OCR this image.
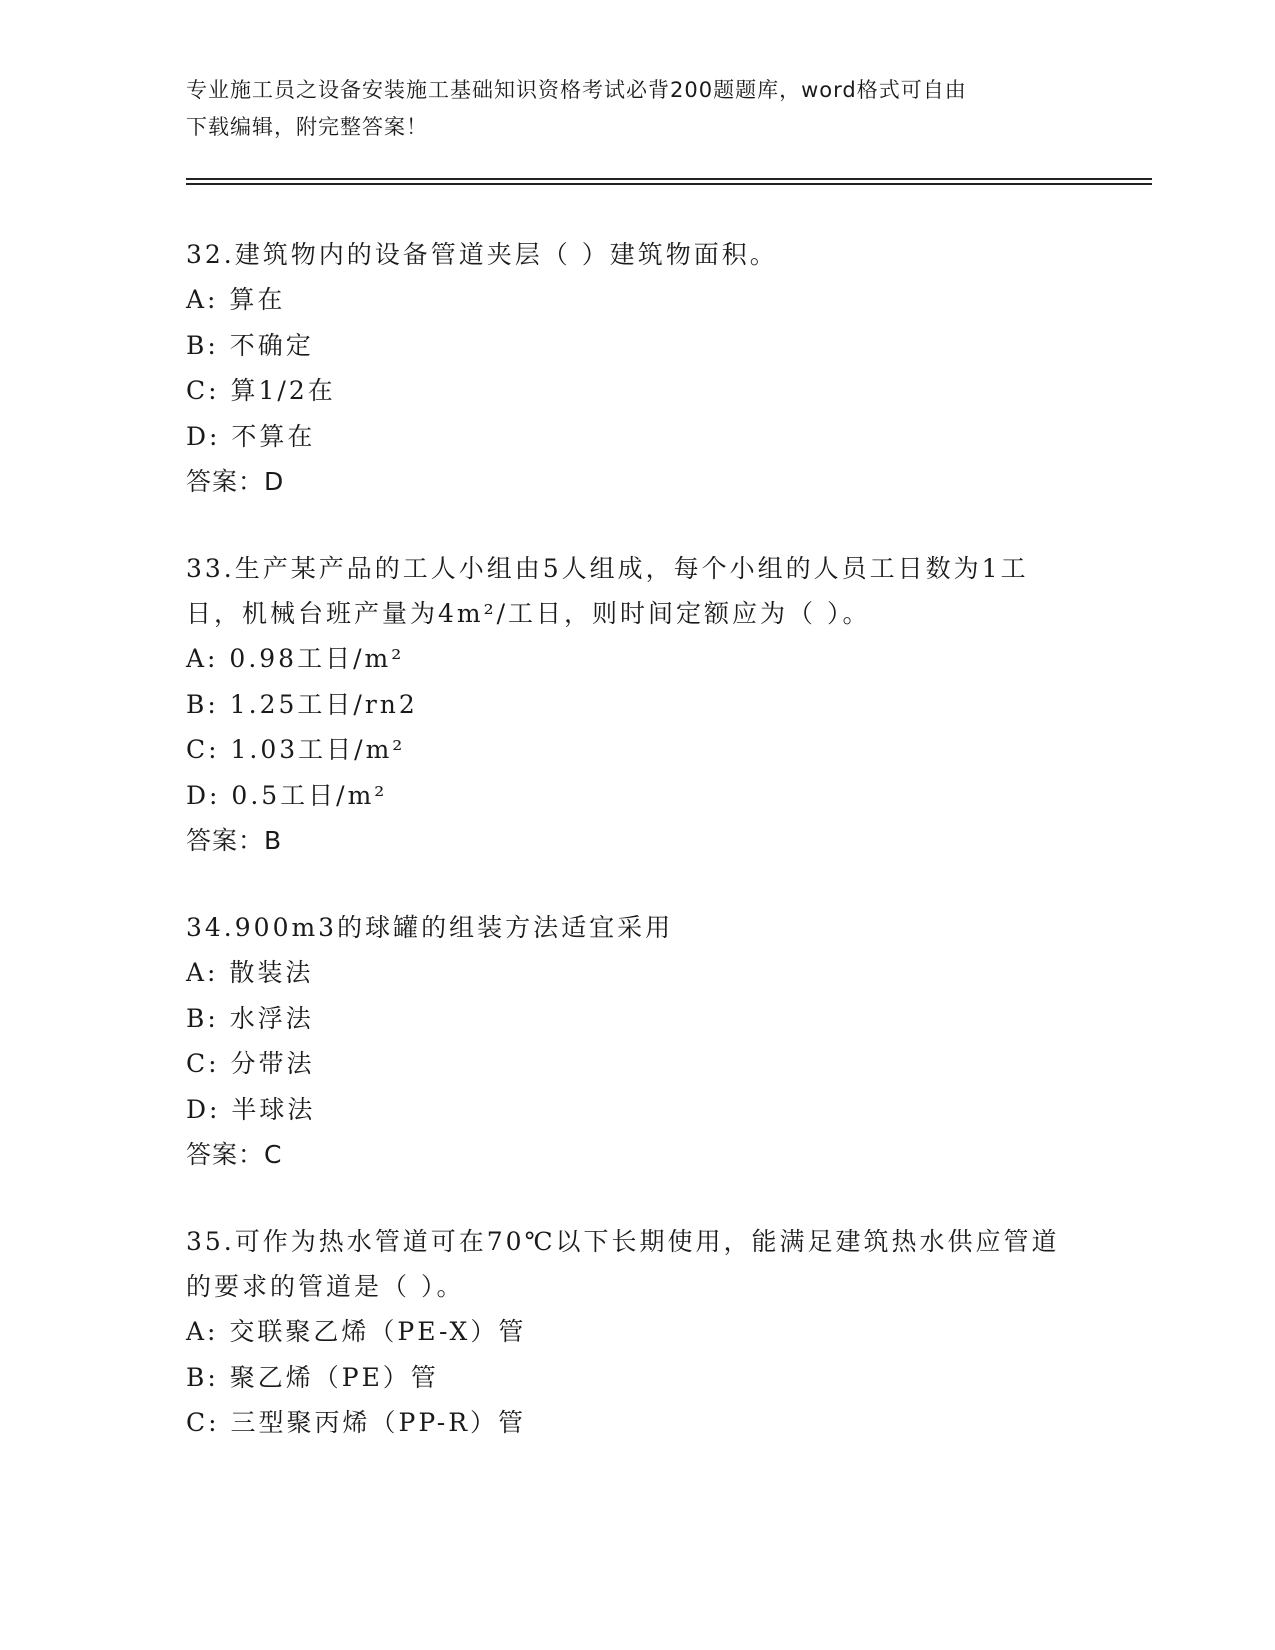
专业施工员之设备安装施工基础知识资格考试必背200题题库，word格式可自由
下载编辑，附完整答案！
32.建筑物内的设备管道夹层（ ）建筑物面积。
A: 算在
B: 不确定
C: 算1/2在
D: 不算在
答案：D
33.生产某产品的工人小组由5人组成，每个小组的人员工日数为1工
日，机械台班产量为4m²/工日，则时间定额应为（ ）。
A: 0.98工日/m²
B: 1.25工日/rn2
C: 1.03工日/m²
D: 0.5工日/m²
答案：B
34.900m3的球罐的组装方法适宜采用
A: 散装法
B: 水浮法
C: 分带法
D: 半球法
答案：C
35.可作为热水管道可在70℃以下长期使用，能满足建筑热水供应管道
的要求的管道是（ ）。
A: 交联聚乙烯（PE-X）管
B: 聚乙烯（PE）管
C: 三型聚丙烯（PP-R）管
